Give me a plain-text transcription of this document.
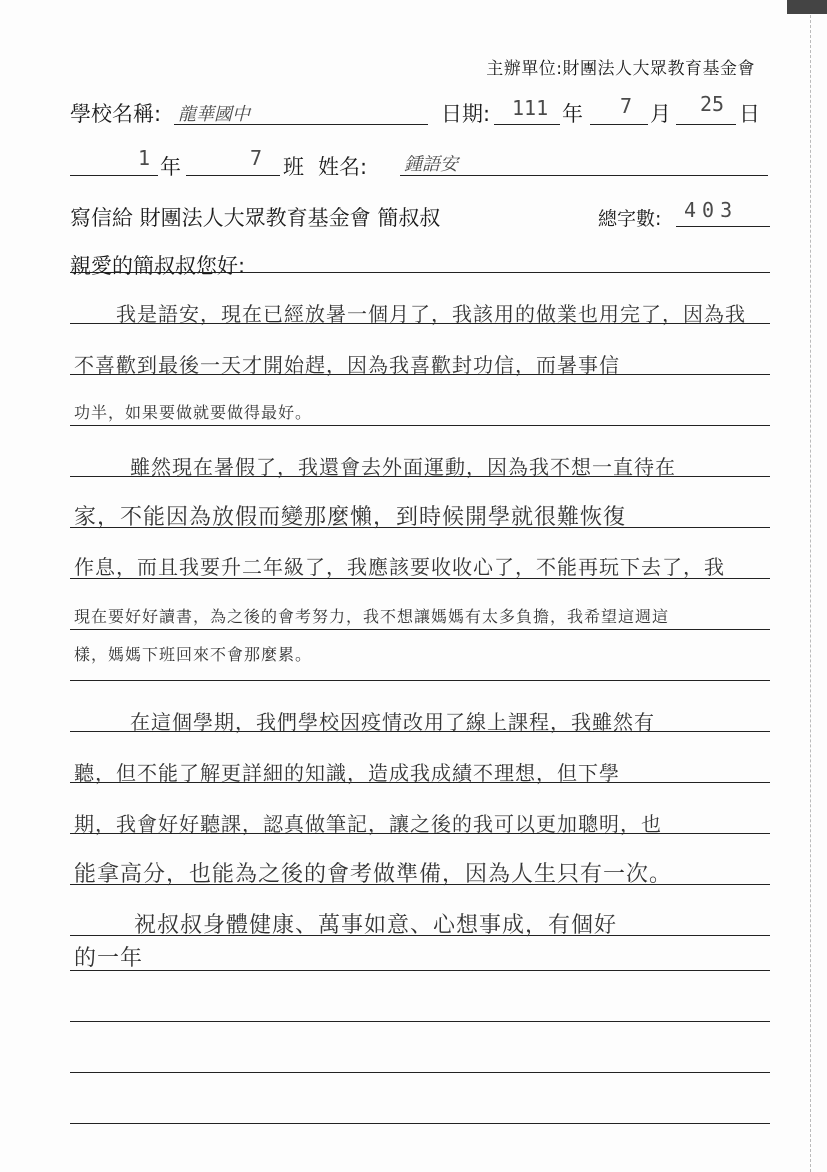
主辦單位:財團法人大眾教育基金會
學校名稱: 龍華國中	日期: 111 年 7 月 25 日
1 年	7 班 姓名: 鍾語安
寫信給 財團法人大眾教育基金會 簡叔叔	總字數: 403
親愛的簡叔叔您好:
我是語安，現在已經放暑一個月了，我該用的做業也用完了，因為我
不喜歡到最後一天才開始趕，因為我喜歡封功信，而暑事信
功半，如果要做就要做得最好。
雖然現在暑假了，我還會去外面運動，因為我不想一直待在
家，不能因為放假而變那麼懶，到時候開學就很難恢復
作息，而且我要升二年級了，我應該要收收心了，不能再玩下去了，我
現在要好好讀書，為之後的會考努力，我不想讓媽媽有太多負擔，我希望這週這
樣，媽媽下班回來不會那麼累。
在這個學期，我們學校因疫情改用了線上課程，我雖然有
聽，但不能了解更詳細的知識，造成我成績不理想，但下學
期，我會好好聽課，認真做筆記，讓之後的我可以更加聰明，也
能拿高分，也能為之後的會考做準備，因為人生只有一次。
祝叔叔身體健康、萬事如意、心想事成，有個好
的一年
